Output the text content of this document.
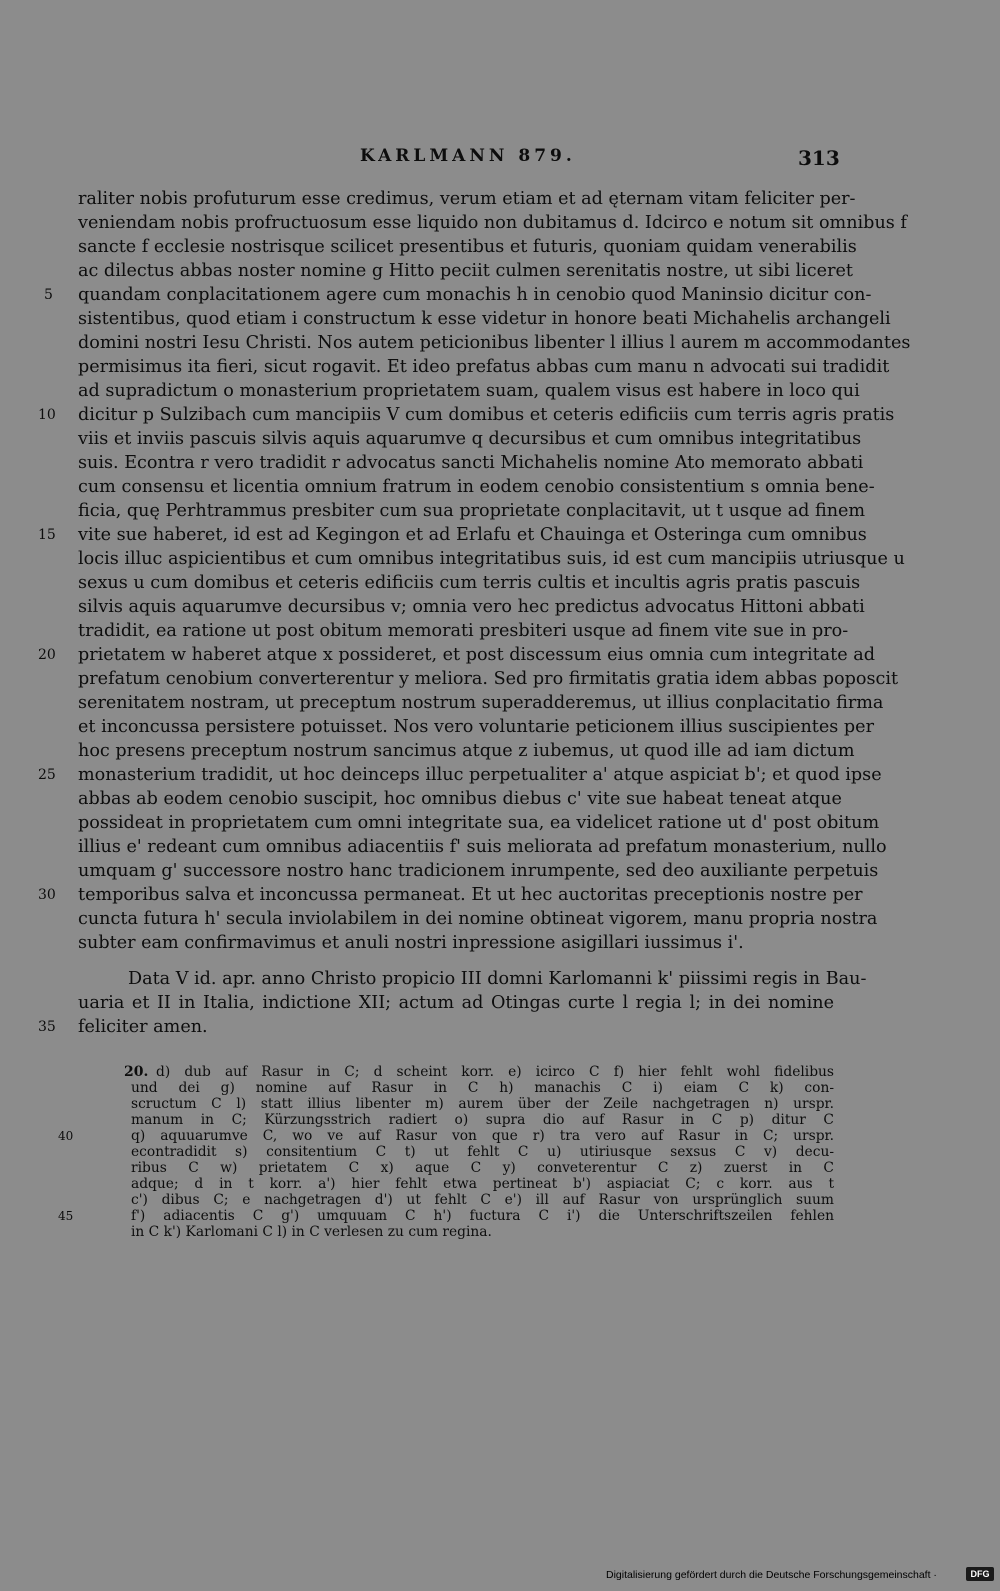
KARLMANN 879.	313
raliter nobis profuturum esse credimus, verum etiam et ad ęternam vitam feliciter per-
veniendam nobis profructuosum esse liquido non dubitamus d. Idcirco e notum sit omnibus f
sancte f ecclesie nostrisque scilicet presentibus et futuris, quoniam quidam venerabilis
ac dilectus abbas noster nomine g Hitto peciit culmen serenitatis nostre, ut sibi liceret
quandam conplacitationem agere cum monachis h in cenobio quod Maninsio dicitur con-
sistentibus, quod etiam i constructum k esse videtur in honore beati Michahelis archangeli
domini nostri Iesu Christi. Nos autem peticionibus libenter l illius l aurem m accommodantes
permisimus ita fieri, sicut rogavit. Et ideo prefatus abbas cum manu n advocati sui tradidit
ad supradictum o monasterium proprietatem suam, qualem visus est habere in loco qui
dicitur p Sulzibach cum mancipiis V cum domibus et ceteris edificiis cum terris agris pratis
viis et inviis pascuis silvis aquis aquarumve q decursibus et cum omnibus integritatibus
suis. Econtra r vero tradidit r advocatus sancti Michahelis nomine Ato memorato abbati
cum consensu et licentia omnium fratrum in eodem cenobio consistentium s omnia bene-
ficia, quę Perhtrammus presbiter cum sua proprietate conplacitavit, ut t usque ad finem
vite sue haberet, id est ad Kegingon et ad Erlafu et Chauinga et Osteringa cum omnibus
locis illuc aspicientibus et cum omnibus integritatibus suis, id est cum mancipiis utriusque u
sexus u cum domibus et ceteris edificiis cum terris cultis et incultis agris pratis pascuis
silvis aquis aquarumve decursibus v; omnia vero hec predictus advocatus Hittoni abbati
tradidit, ea ratione ut post obitum memorati presbiteri usque ad finem vite sue in pro-
prietatem w haberet atque x possideret, et post discessum eius omnia cum integritate ad
prefatum cenobium converterentur y meliora. Sed pro firmitatis gratia idem abbas poposcit
serenitatem nostram, ut preceptum nostrum superadderemus, ut illius conplacitatio firma
et inconcussa persistere potuisset. Nos vero voluntarie peticionem illius suscipientes per
hoc presens preceptum nostrum sancimus atque z iubemus, ut quod ille ad iam dictum
monasterium tradidit, ut hoc deinceps illuc perpetualiter a' atque aspiciat b'; et quod ipse
abbas ab eodem cenobio suscipit, hoc omnibus diebus c' vite sue habeat teneat atque
possideat in proprietatem cum omni integritate sua, ea videlicet ratione ut d' post obitum
illius e' redeant cum omnibus adiacentiis f' suis meliorata ad prefatum monasterium, nullo
umquam g' successore nostro hanc tradicionem inrumpente, sed deo auxiliante perpetuis
temporibus salva et inconcussa permaneat. Et ut hec auctoritas preceptionis nostre per
cuncta futura h' secula inviolabilem in dei nomine obtineat vigorem, manu propria nostra
subter eam confirmavimus et anuli nostri inpressione asigillari iussimus i'.
Data V id. apr. anno Christo propicio III domni Karlomanni k' piissimi regis in Bau-
uaria et II in Italia, indictione XII; actum ad Otingas curte l regia l; in dei nomine
feliciter amen.
5
10
15
20
25
30
35
20. d) dub auf Rasur in C; d scheint korr. e) icirco C f) hier fehlt wohl fidelibus
und dei g) nomine auf Rasur in C h) manachis C i) eiam C k) con-
scructum C l) statt illius libenter m) aurem über der Zeile nachgetragen n) urspr.
manum in C; Kürzungsstrich radiert o) supra dio auf Rasur in C p) ditur C
q) aquuarumve C, wo ve auf Rasur von que r) tra vero auf Rasur in C; urspr.
econtradidit s) consitentium C t) ut fehlt C u) utiriusque sexsus C v) decu-
ribus C w) prietatem C x) aque C y) conveterentur C z) zuerst in C
adque; d in t korr. a') hier fehlt etwa pertineat b') aspiaciat C; c korr. aus t
c') dibus C; e nachgetragen d') ut fehlt C e') ill auf Rasur von ursprünglich suum
f') adiacentis C g') umquuam C h') fuctura C i') die Unterschriftszeilen fehlen
in C k') Karlomani C l) in C verlesen zu cum regina.
40
45
Digitalisierung gefördert durch die Deutsche Forschungsgemeinschaft ·	DFG
